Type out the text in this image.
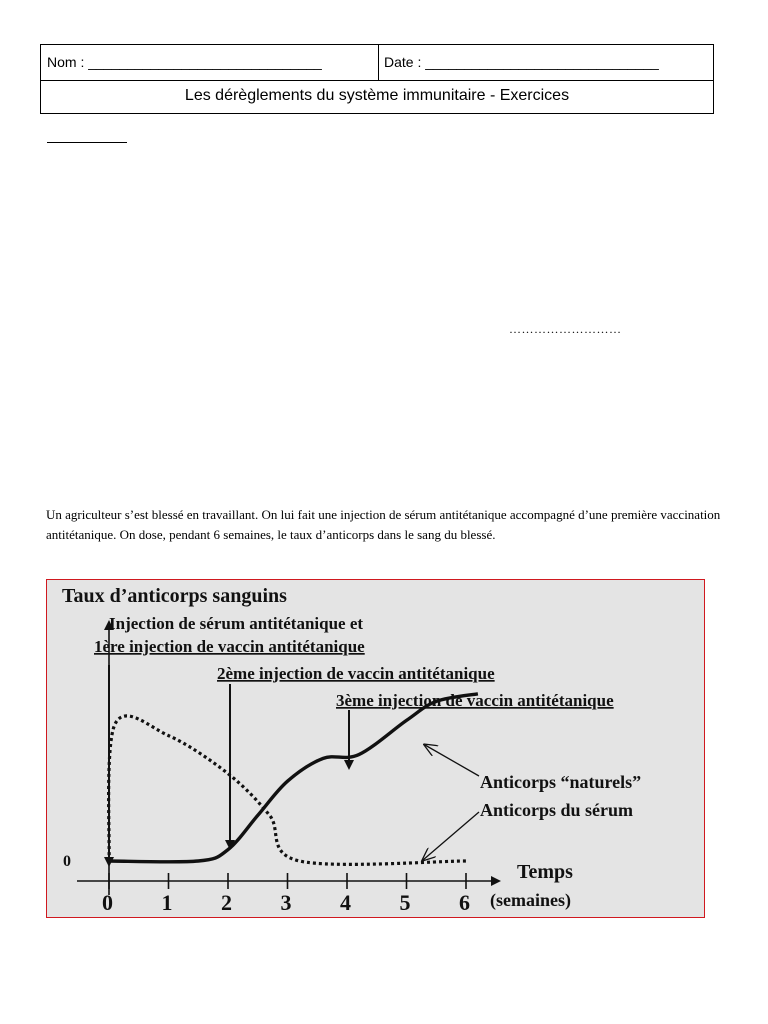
Nom : ______________________________	Date : ______________________________
Les dérèglements du système immunitaire - Exercices
………………………
Un agriculteur s’est blessé en travaillant. On lui fait une injection de sérum antitétanique accompagné d’une première vaccination antitétanique. On dose, pendant 6 semaines, le taux d’anticorps dans le sang du blessé.
Taux d’anticorps sanguins
0
0 1 2 3 4 5 6
Temps
(semaines)
Injection de sérum antitétanique et
1ère injection de vaccin antitétanique
2ème injection de vaccin antitétanique
3ème injection de vaccin antitétanique
Anticorps “naturels”
Anticorps du sérum
